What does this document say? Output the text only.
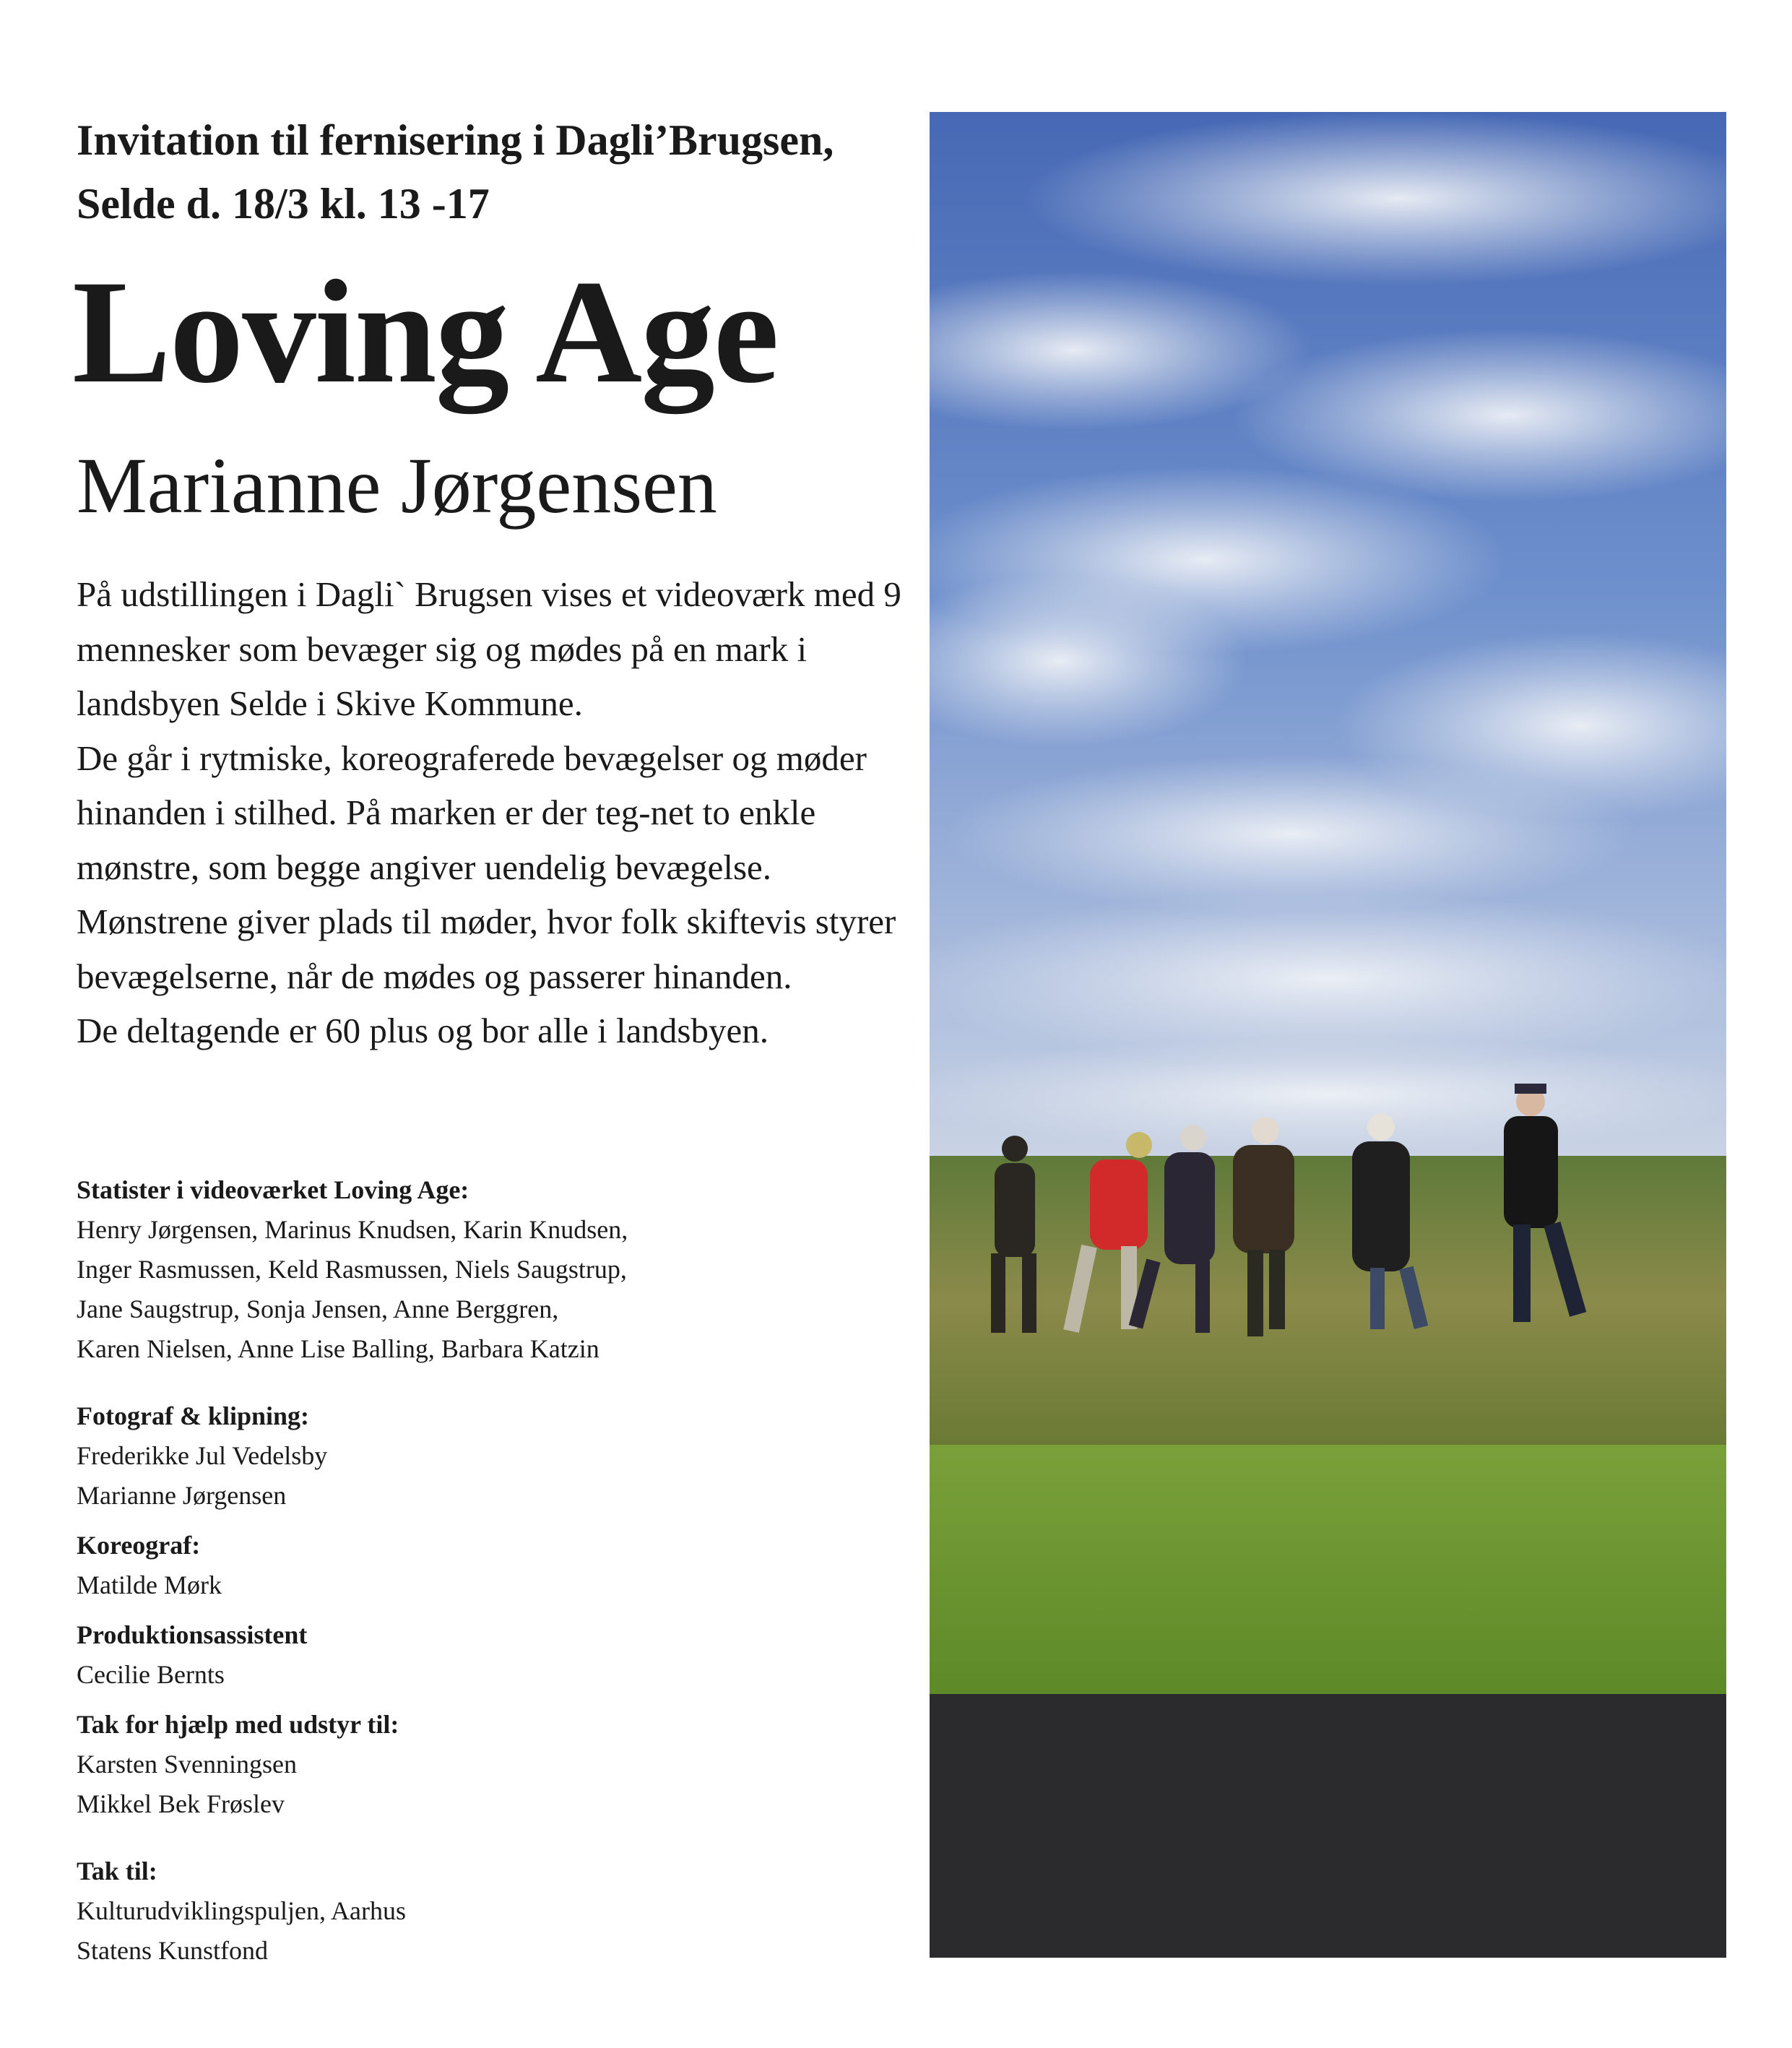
Invitation til fernisering i Dagli’Brugsen,
Selde d. 18/3 kl. 13 -17
Loving Age
Marianne Jørgensen

På udstillingen i Dagli` Brugsen vises et videoværk med 9 mennesker som bevæger sig og mødes på en mark i landsbyen Selde i Skive Kommune.

De går i rytmiske, koreograferede bevægelser og møder hinanden i stilhed. På marken er der teg-net to enkle mønstre, som begge angiver uendelig bevægelse. Mønstrene giver plads til møder, hvor folk skiftevis styrer bevægelserne, når de mødes og passerer hinanden.

De deltagende er 60 plus og bor alle i landsbyen.

Statister i videoværket Loving Age:
Henry Jørgensen, Marinus Knudsen, Karin Knudsen,
Inger Rasmussen, Keld Rasmussen, Niels Saugstrup,
Jane Saugstrup, Sonja Jensen, Anne Berggren,
Karen Nielsen, Anne Lise Balling, Barbara Katzin
Fotograf & klipning:
Frederikke Jul Vedelsby
Marianne Jørgensen
Koreograf:
Matilde Mørk
Produktionsassistent
Cecilie Bernts
Tak for hjælp med udstyr til:
Karsten Svenningsen
Mikkel Bek Frøslev
Tak til:
Kulturudviklingspuljen, Aarhus
Statens Kunstfond
